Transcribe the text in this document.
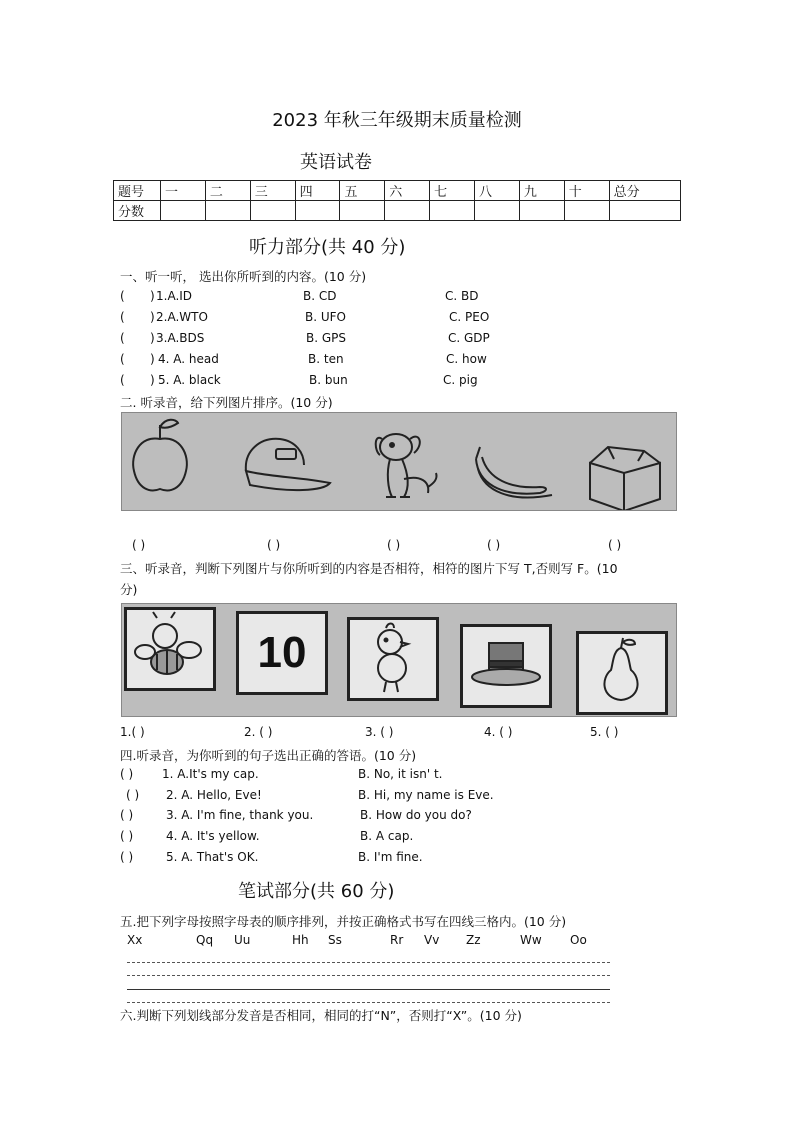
2023 年秋三年级期末质量检测
英语试卷
题号	一	二	三	四	五	六	七	八	九	十	总分
分数											
听力部分(共 40 分)
一、听一听， 选出你所听到的内容。(10 分)
( ) 1.A.ID	B. CD	C. BD
( ) 2.A.WTO	B. UFO	C. PEO
( ) 3.A.BDS	B. GPS	C. GDP
( ) 4. A. head	B. ten	C. how
( ) 5. A. black	B. bun	C. pig
二. 听录音，给下列图片排序。(10 分)
( )	( )	( )	( )	( )
三、听录音，判断下列图片与你所听到的内容是否相符，相符的图片下写 T,否则写 F。(10
分)
10
1.( )	2. ( )	3. ( )	4. ( )	5. ( )
四.听录音，为你听到的句子选出正确的答语。(10 分)
( ) 1. A.It's my cap.	B. No, it isn' t.
( ) 2. A. Hello, Eve!	B. Hi, my name is Eve.
( )	3. A. I'm fine, thank you.	B. How do you do?
( )	4. A. It's yellow.	B. A cap.
( )	5. A. That's OK.	B. I'm fine.
笔试部分(共 60 分)
五.把下列字母按照字母表的顺序排列，并按正确格式书写在四线三格内。(10 分)
Xx	Qq Uu	Hh Ss	Rr Vv Zz	Ww Oo
六.判断下列划线部分发音是否相同，相同的打“N”，否则打“X”。(10 分)
